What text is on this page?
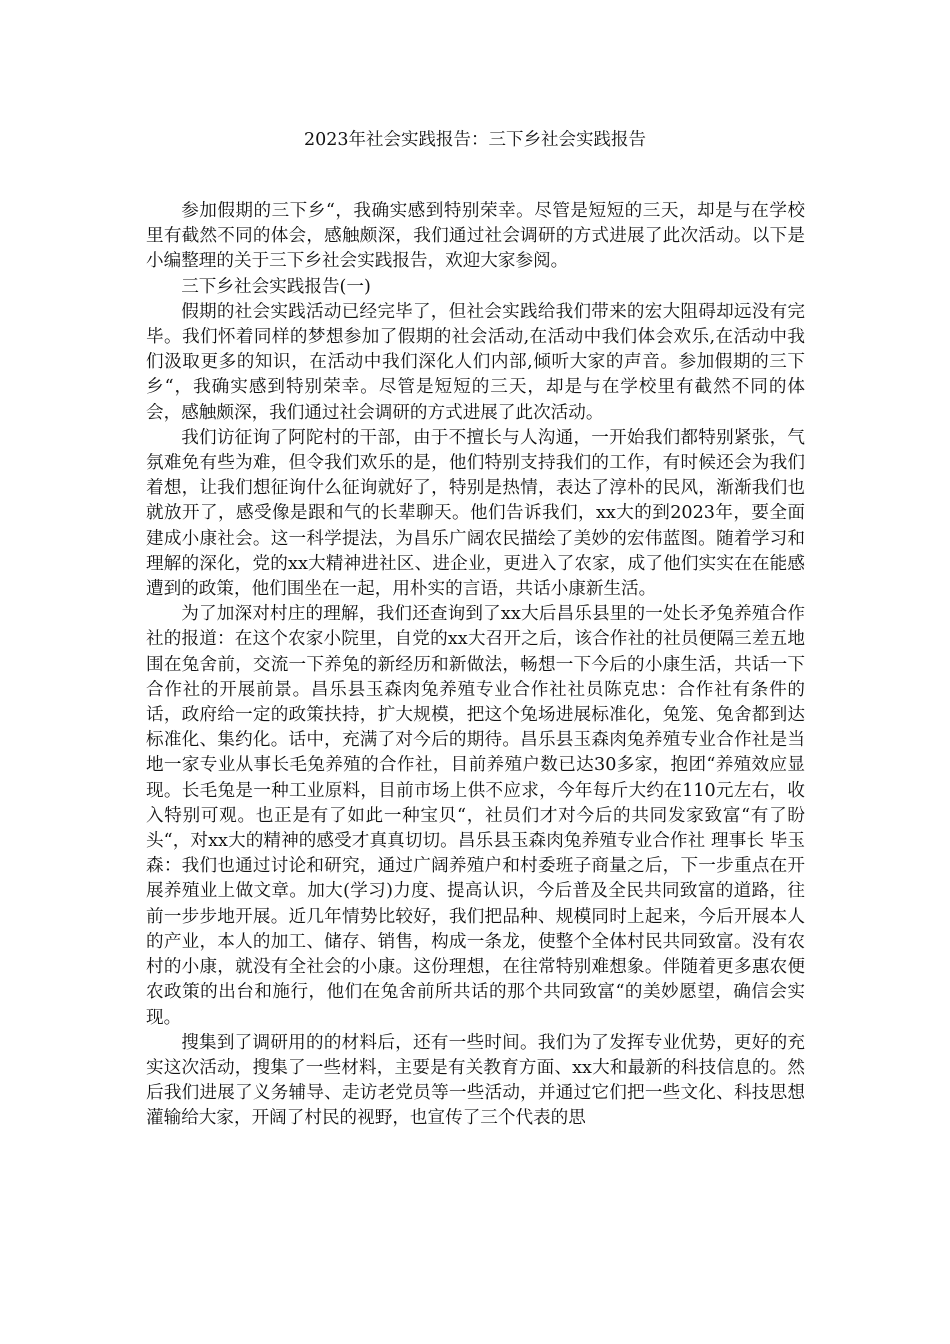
2023年社会实践报告：三下乡社会实践报告

参加假期的三下乡“，我确实感到特别荣幸。尽管是短短的三天，却是与在学校里有截然不同的体会，感触颇深，我们通过社会调研的方式进展了此次活动。以下是小编整理的关于三下乡社会实践报告，欢迎大家参阅。

三下乡社会实践报告(一)

假期的社会实践活动已经完毕了，但社会实践给我们带来的宏大阻碍却远没有完毕。我们怀着同样的梦想参加了假期的社会活动,在活动中我们体会欢乐,在活动中我们汲取更多的知识，在活动中我们深化人们内部,倾听大家的声音。参加假期的三下乡“，我确实感到特别荣幸。尽管是短短的三天，却是与在学校里有截然不同的体会，感触颇深，我们通过社会调研的方式进展了此次活动。

我们访征询了阿陀村的干部，由于不擅长与人沟通，一开始我们都特别紧张，气氛难免有些为难，但令我们欢乐的是，他们特别支持我们的工作，有时候还会为我们着想，让我们想征询什么征询就好了，特别是热情，表达了淳朴的民风，渐渐我们也就放开了，感受像是跟和气的长辈聊天。他们告诉我们，xx大的到2023年，要全面建成小康社会。这一科学提法，为昌乐广阔农民描绘了美妙的宏伟蓝图。随着学习和理解的深化，党的xx大精神进社区、进企业，更进入了农家，成了他们实实在在能感遭到的政策，他们围坐在一起，用朴实的言语，共话小康新生活。

为了加深对村庄的理解，我们还查询到了xx大后昌乐县里的一处长矛兔养殖合作社的报道：在这个农家小院里，自党的xx大召开之后，该合作社的社员便隔三差五地围在兔舍前，交流一下养兔的新经历和新做法，畅想一下今后的小康生活，共话一下合作社的开展前景。昌乐县玉森肉兔养殖专业合作社社员陈克忠：合作社有条件的话，政府给一定的政策扶持，扩大规模，把这个兔场进展标准化，兔笼、兔舍都到达标准化、集约化。话中，充满了对今后的期待。昌乐县玉森肉兔养殖专业合作社是当地一家专业从事长毛兔养殖的合作社，目前养殖户数已达30多家，抱团“养殖效应显现。长毛兔是一种工业原料，目前市场上供不应求，今年每斤大约在110元左右，收入特别可观。也正是有了如此一种宝贝“，社员们才对今后的共同发家致富“有了盼头“，对xx大的精神的感受才真真切切。昌乐县玉森肉兔养殖专业合作社 理事长 毕玉森：我们也通过讨论和研究，通过广阔养殖户和村委班子商量之后，下一步重点在开展养殖业上做文章。加大(学习)力度、提高认识，今后普及全民共同致富的道路，往前一步步地开展。近几年情势比较好，我们把品种、规模同时上起来，今后开展本人的产业，本人的加工、储存、销售，构成一条龙，使整个全体村民共同致富。没有农村的小康，就没有全社会的小康。这份理想，在往常特别难想象。伴随着更多惠农便农政策的出台和施行，他们在兔舍前所共话的那个共同致富“的美妙愿望，确信会实现。

搜集到了调研用的的材料后，还有一些时间。我们为了发挥专业优势，更好的充实这次活动，搜集了一些材料，主要是有关教育方面、xx大和最新的科技信息的。然后我们进展了义务辅导、走访老党员等一些活动，并通过它们把一些文化、科技思想灌输给大家，开阔了村民的视野，也宣传了三个代表的思
